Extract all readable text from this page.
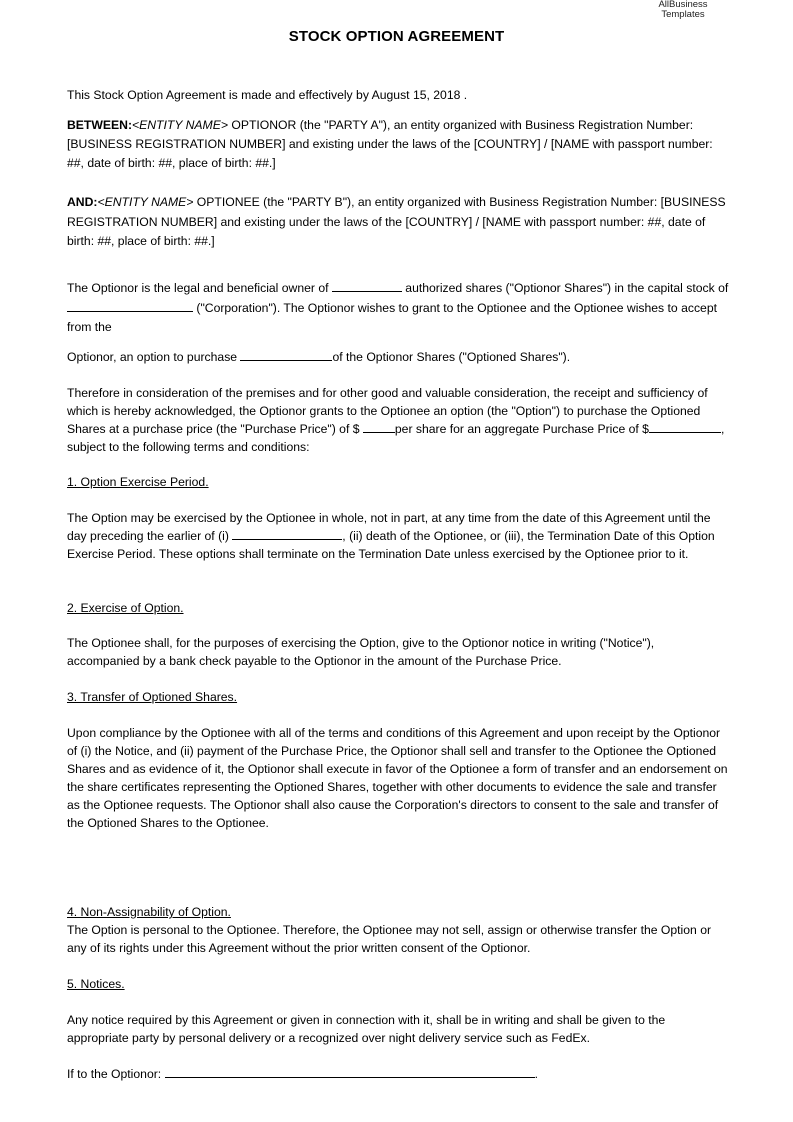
AllBusiness
Templates
STOCK OPTION AGREEMENT

This Stock Option Agreement is made and effectively by August 15, 2018 .

BETWEEN:<ENTITY NAME> OPTIONOR (the "PARTY A"), an entity organized with Business Registration Number: [BUSINESS REGISTRATION NUMBER] and existing under the laws of the [COUNTRY] / [NAME with passport number: ##, date of birth: ##, place of birth: ##.]

AND:<ENTITY NAME> OPTIONEE (the "PARTY B"), an entity organized with Business Registration Number: [BUSINESS REGISTRATION NUMBER] and existing under the laws of the [COUNTRY] / [NAME with passport number: ##, date of birth: ##, place of birth: ##.]

The Optionor is the legal and beneficial owner of	authorized shares ("Optionor Shares") in the capital stock of  ("Corporation"). The Optionor wishes to grant to the Optionee and the Optionee wishes to accept from the

Optionor, an option to purchase	of the Optionor Shares ("Optioned Shares").

Therefore in consideration of the premises and for other good and valuable consideration, the receipt and sufficiency of which is hereby acknowledged, the Optionor grants to the Optionee an option (the "Option") to purchase the Optioned Shares at a purchase price (the "Purchase Price") of $	per share for an aggregate Purchase Price of $	, subject to the following terms and conditions:

1. Option Exercise Period.

The Option may be exercised by the Optionee in whole, not in part, at any time from the date of this Agreement until the day preceding the earlier of (i)	, (ii) death of the Optionee, or (iii), the Termination Date of this Option Exercise Period. These options shall terminate on the Termination Date unless exercised by the Optionee prior to it.

2. Exercise of Option.

The Optionee shall, for the purposes of exercising the Option, give to the Optionor notice in writing ("Notice"), accompanied by a bank check payable to the Optionor in the amount of the Purchase Price.

3. Transfer of Optioned Shares.

Upon compliance by the Optionee with all of the terms and conditions of this Agreement and upon receipt by the Optionor of (i) the Notice, and (ii) payment of the Purchase Price, the Optionor shall sell and transfer to the Optionee the Optioned Shares and as evidence of it, the Optionor shall execute in favor of the Optionee a form of transfer and an endorsement on the share certificates representing the Optioned Shares, together with other documents to evidence the sale and transfer as the Optionee requests. The Optionor shall also cause the Corporation's directors to consent to the sale and transfer of the Optioned Shares to the Optionee.

4. Non-Assignability of Option.

The Option is personal to the Optionee. Therefore, the Optionee may not sell, assign or otherwise transfer the Option or any of its rights under this Agreement without the prior written consent of the Optionor.

5. Notices.

Any notice required by this Agreement or given in connection with it, shall be in writing and shall be given to the appropriate party by personal delivery or a recognized over night delivery service such as FedEx.

If to the Optionor:	.
